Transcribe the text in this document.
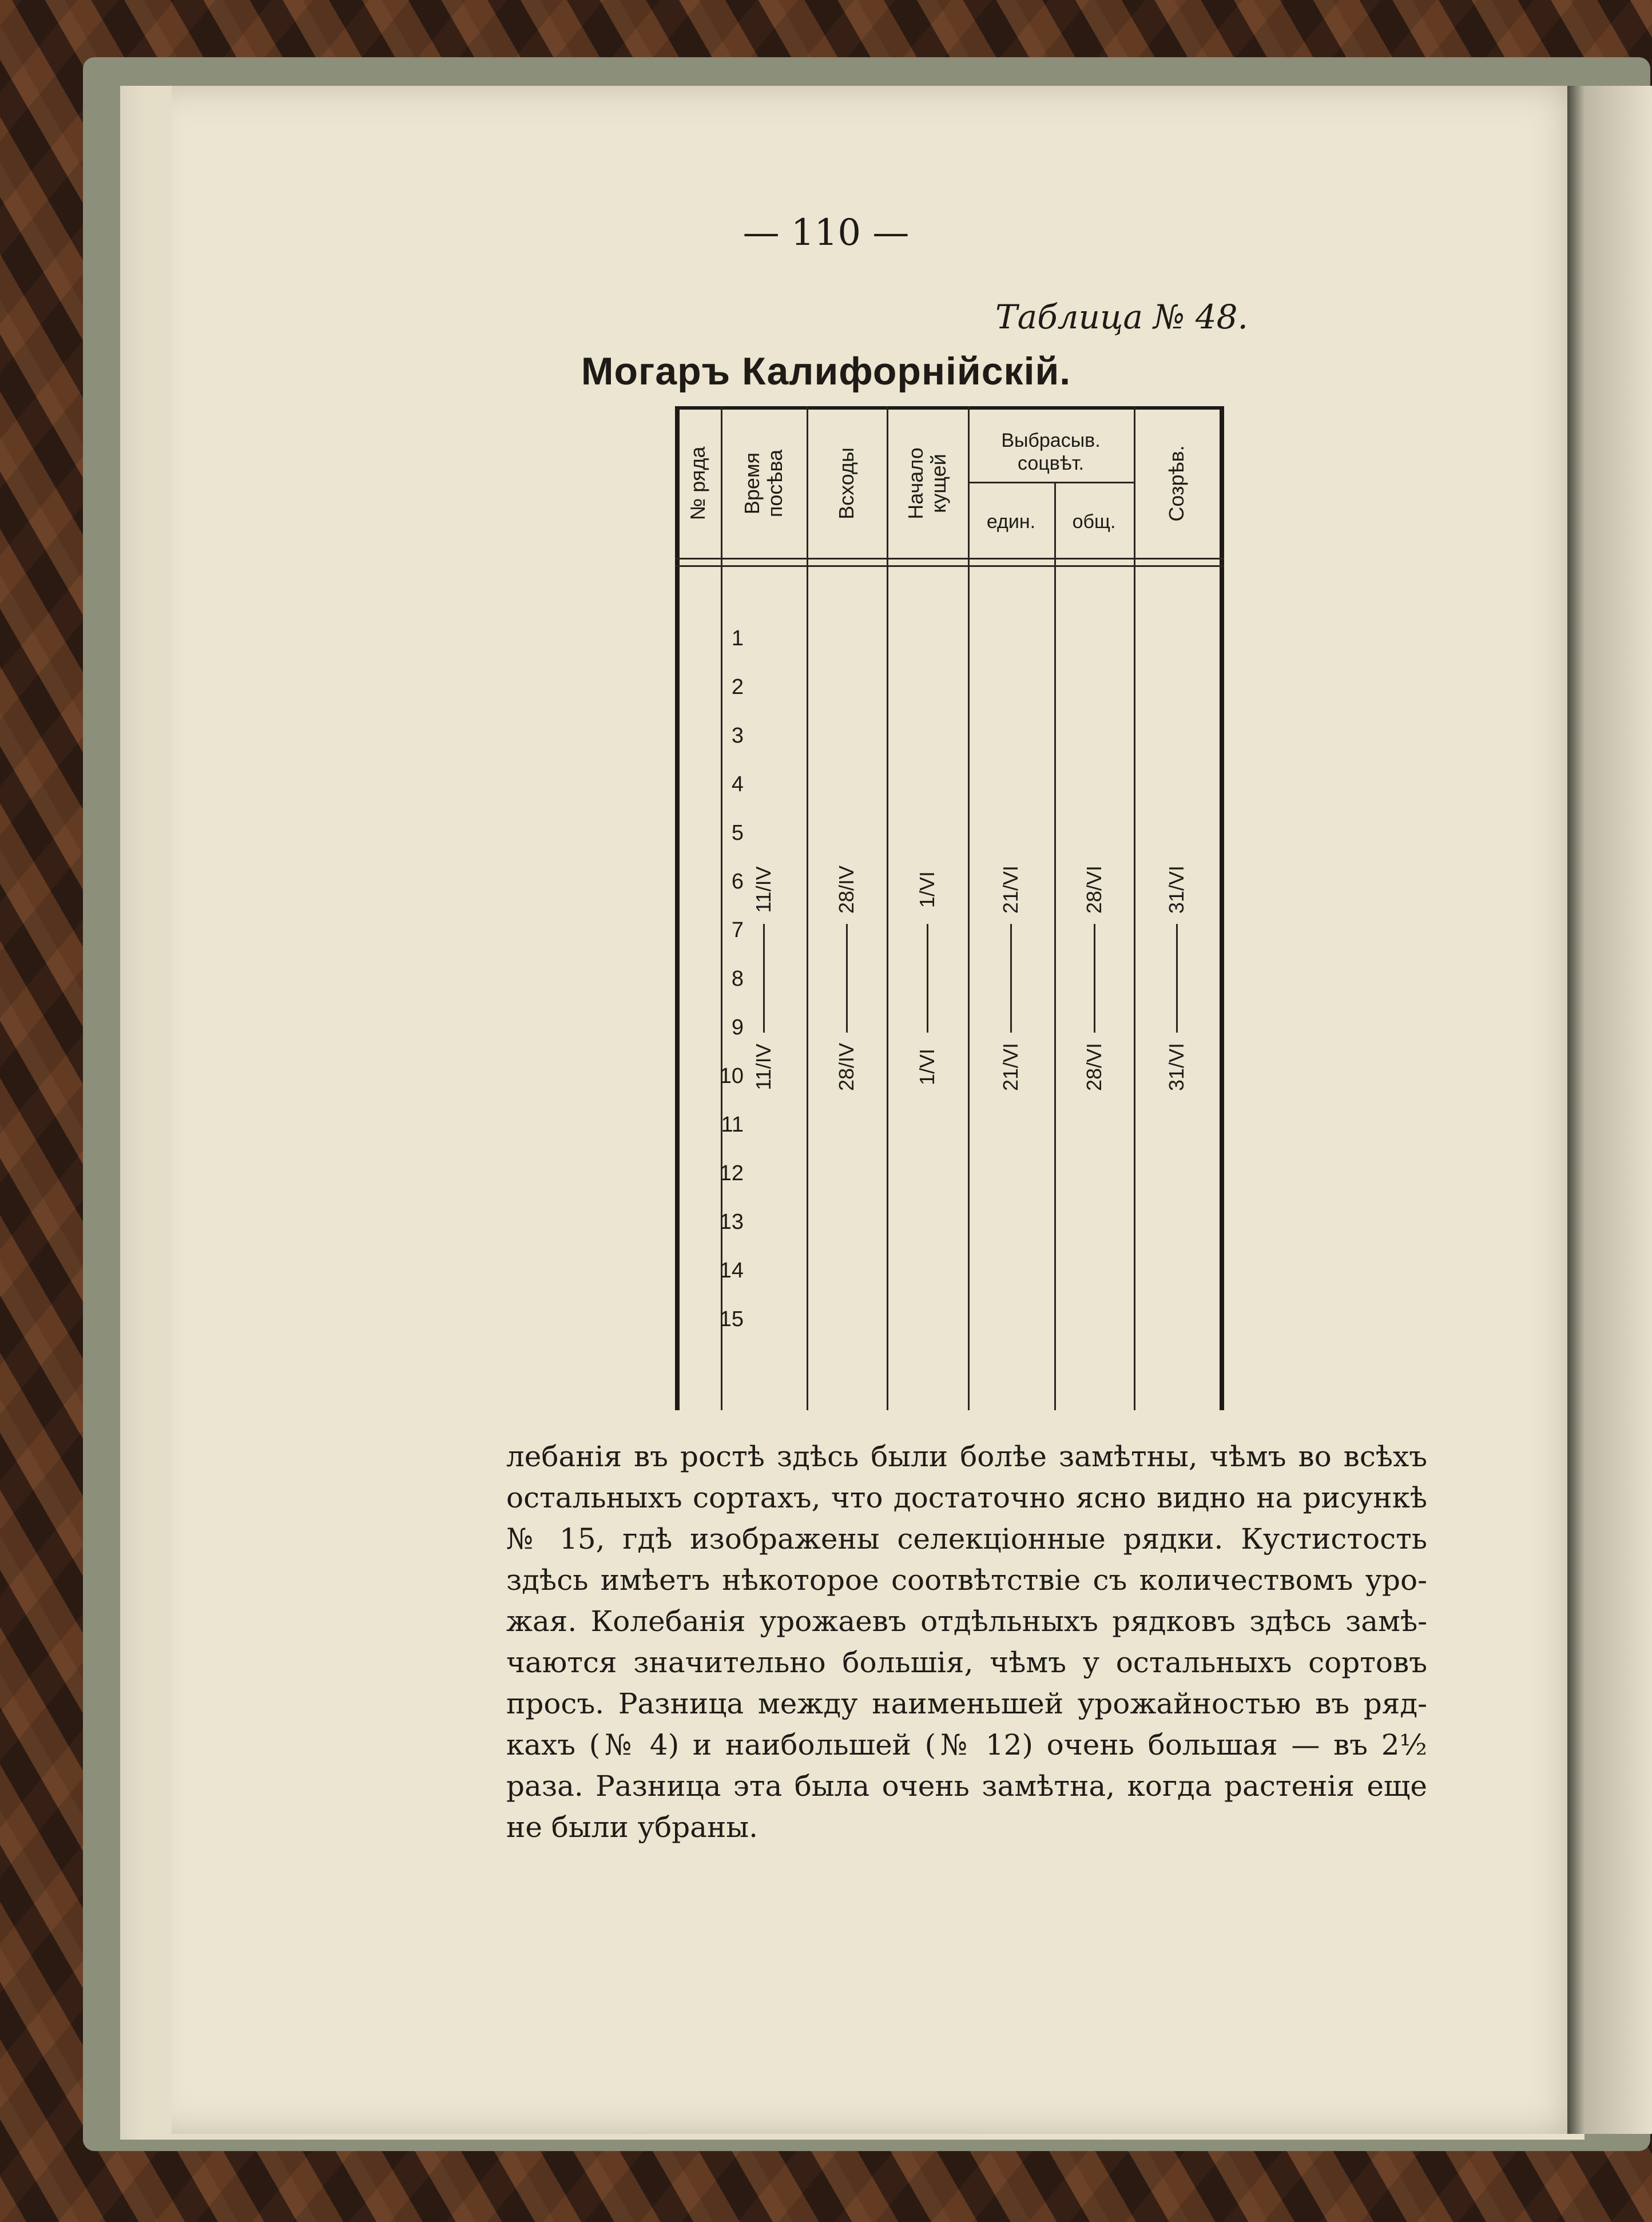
— 110 —
Таблица № 48.
Могаръ Калифорнійскій.
№ ряда Время
посѣва Всходы Начало
кущей
Выбрасыв.
соцвѣт.
един.	общ.
Созрѣв.
1
2
3
4
5
6
7
8
9
10
11
12
13
14
15
11/IV
11/IV
28/IV
28/IV
1/VI
1/VI
21/VI
21/VI
28/VI
28/VI
31/VI
31/VI
лебанія въ ростѣ здѣсь были болѣе замѣтны, чѣмъ во всѣхъ
остальныхъ сортахъ, что достаточно ясно видно на рисункѣ
№ 15, гдѣ изображены селекціонные рядки. Кустистость
здѣсь имѣетъ нѣкоторое соотвѣтствіе съ количествомъ уро-
жая. Колебанія урожаевъ отдѣльныхъ рядковъ здѣсь замѣ-
чаются значительно большія, чѣмъ у остальныхъ сортовъ
просъ. Разница между наименьшей урожайностью въ ряд-
кахъ (№ 4) и наибольшей (№ 12) очень большая — въ 2½
раза. Разница эта была очень замѣтна, когда растенія еще
не были убраны.
